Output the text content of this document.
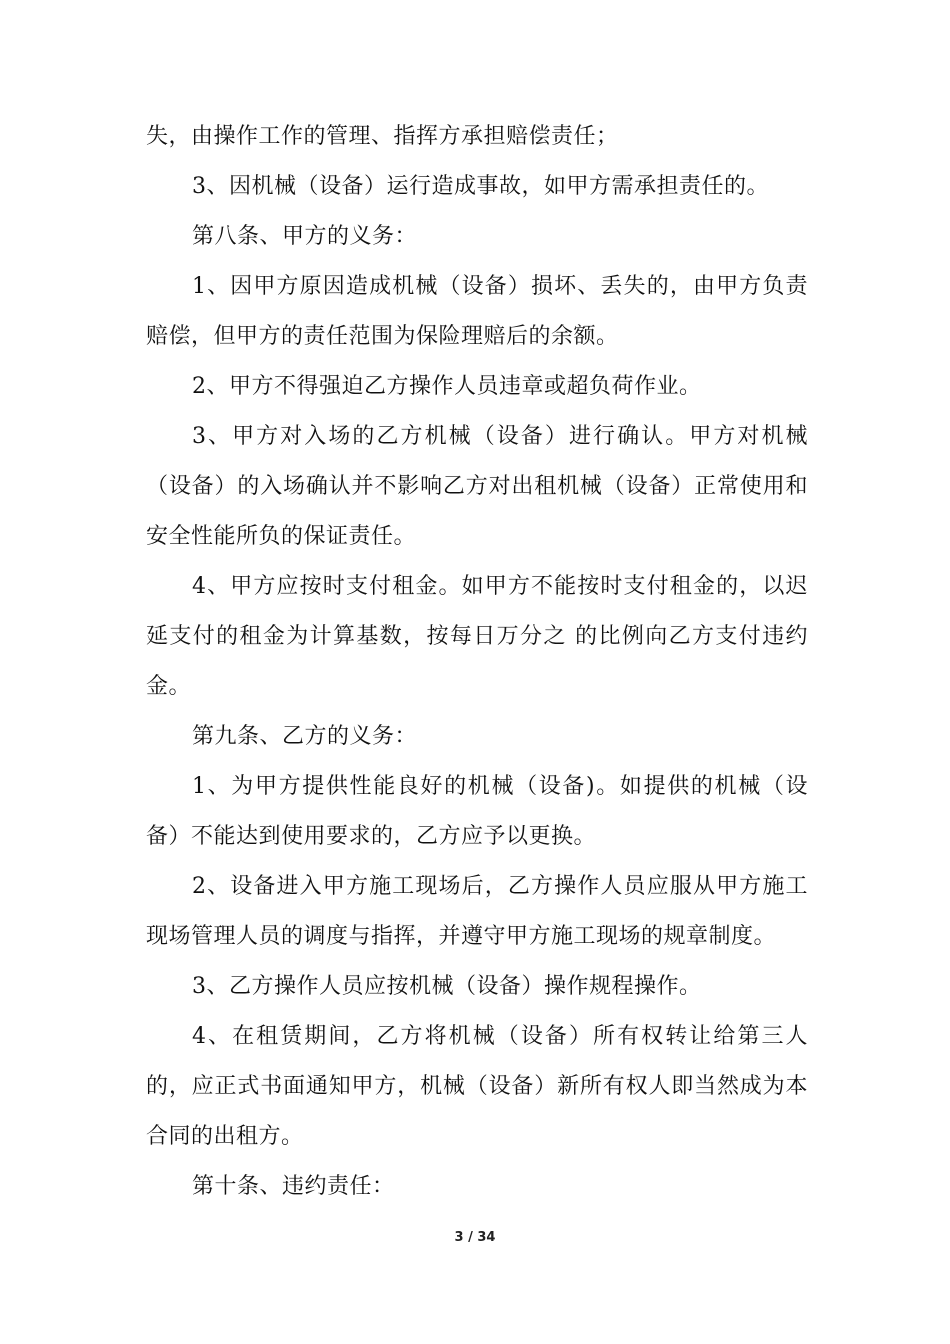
失，由操作工作的管理、指挥方承担赔偿责任；

3、因机械（设备）运行造成事故，如甲方需承担责任的。

第八条、甲方的义务：

1、因甲方原因造成机械（设备）损坏、丢失的，由甲方负责赔偿，但甲方的责任范围为保险理赔后的余额。

2、甲方不得强迫乙方操作人员违章或超负荷作业。

3、甲方对入场的乙方机械（设备）进行确认。甲方对机械（设备）的入场确认并不影响乙方对出租机械（设备）正常使用和安全性能所负的保证责任。

4、甲方应按时支付租金。如甲方不能按时支付租金的，以迟延支付的租金为计算基数，按每日万分之 的比例向乙方支付违约金。

第九条、乙方的义务：

1、为甲方提供性能良好的机械（设备)。如提供的机械（设备）不能达到使用要求的，乙方应予以更换。

2、设备进入甲方施工现场后，乙方操作人员应服从甲方施工现场管理人员的调度与指挥，并遵守甲方施工现场的规章制度。

3、乙方操作人员应按机械（设备）操作规程操作。

4、在租赁期间，乙方将机械（设备）所有权转让给第三人的，应正式书面通知甲方，机械（设备）新所有权人即当然成为本合同的出租方。

第十条、违约责任：

3 / 34
